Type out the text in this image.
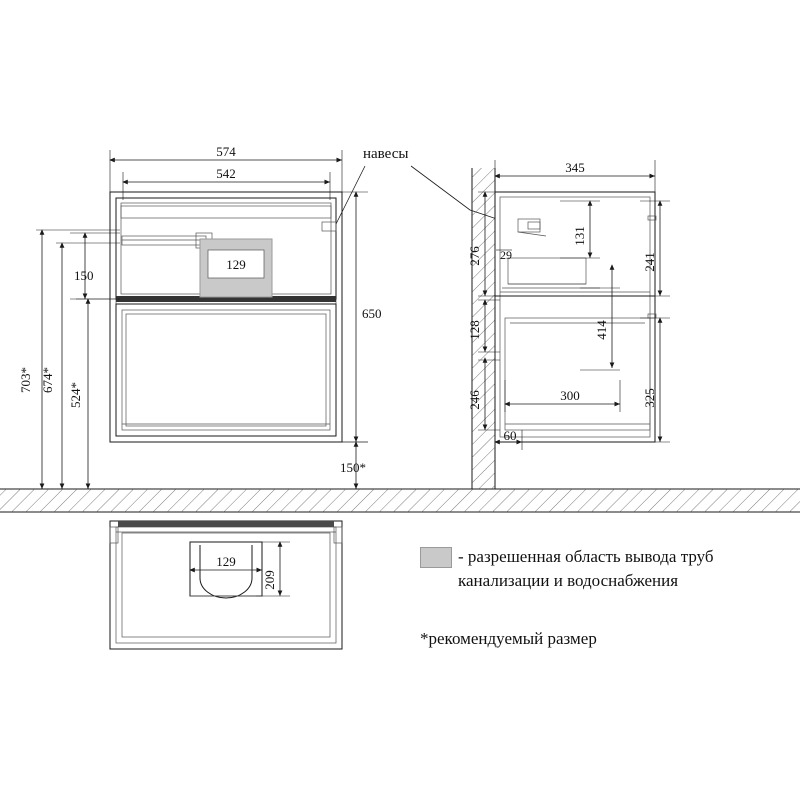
129
574
542
650
150*
150
703* 674*
524*
навесы
345
131
241
276 29
128	414
246	325
300
60
129
209
- разрешенная область вывода труб
канализации и водоснабжения
*рекомендуемый размер
